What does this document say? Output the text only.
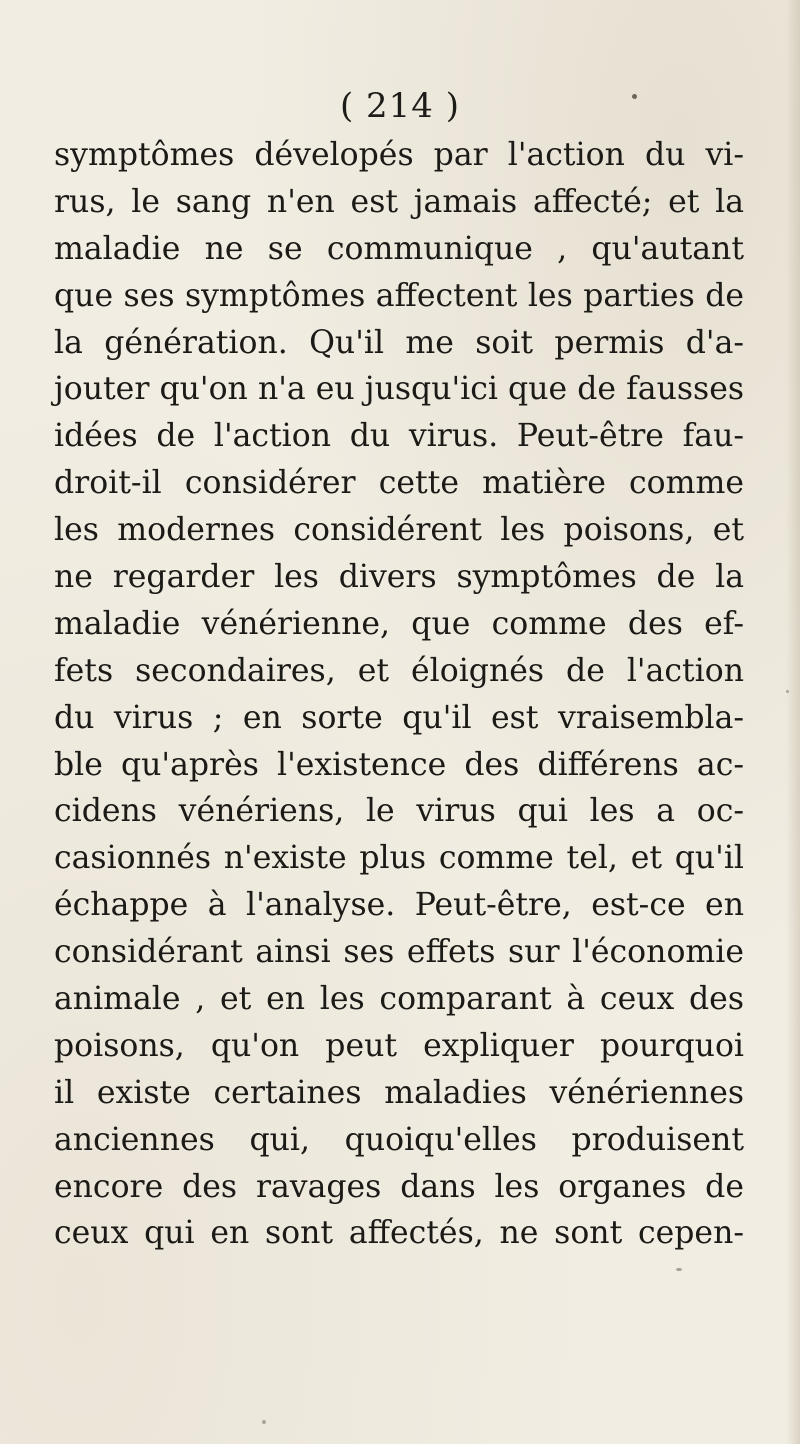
( 214 )
symptômes dévelopés par l'action du vi-
rus, le sang n'en est jamais affecté; et la
maladie ne se communique , qu'autant
que ses symptômes affectent les parties de
la génération. Qu'il me soit permis d'a-
jouter qu'on n'a eu jusqu'ici que de fausses
idées de l'action du virus. Peut-être fau-
droit-il considérer cette matière comme
les modernes considérent les poisons, et
ne regarder les divers symptômes de la
maladie vénérienne, que comme des ef-
fets secondaires, et éloignés de l'action
du virus ; en sorte qu'il est vraisembla-
ble qu'après l'existence des différens ac-
cidens vénériens, le virus qui les a oc-
casionnés n'existe plus comme tel, et qu'il
échappe à l'analyse. Peut-être, est-ce en
considérant ainsi ses effets sur l'économie
animale , et en les comparant à ceux des
poisons, qu'on peut expliquer pourquoi
il existe certaines maladies vénériennes
anciennes qui, quoiqu'elles produisent
encore des ravages dans les organes de
ceux qui en sont affectés, ne sont cepen-
